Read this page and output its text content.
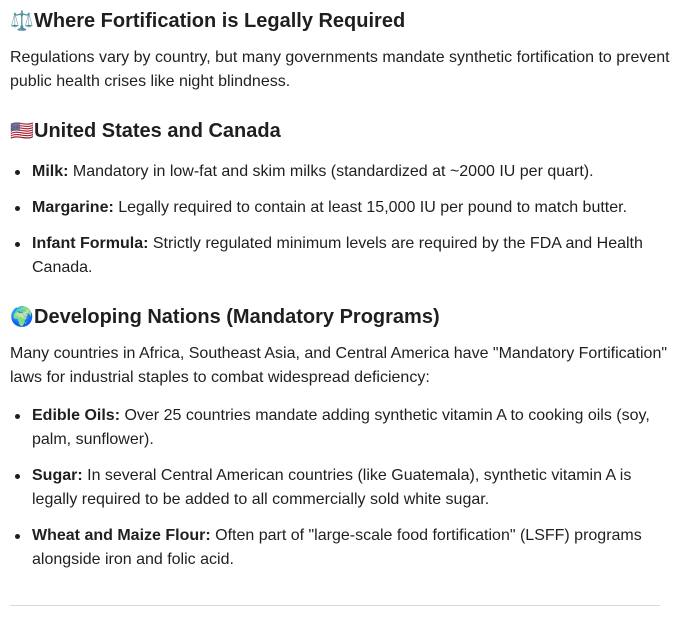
⚖️ Where Fortification is Legally Required

Regulations vary by country, but many governments mandate synthetic fortification to prevent public health crises like night blindness.

🇺🇸 United States and Canada
Milk: Mandatory in low-fat and skim milks (standardized at ~2000 IU per quart).
Margarine: Legally required to contain at least 15,000 IU per pound to match butter.
Infant Formula: Strictly regulated minimum levels are required by the FDA and Health Canada.
🌍 Developing Nations (Mandatory Programs)

Many countries in Africa, Southeast Asia, and Central America have "Mandatory Fortification" laws for industrial staples to combat widespread deficiency:

Edible Oils: Over 25 countries mandate adding synthetic vitamin A to cooking oils (soy, palm, sunflower).
Sugar: In several Central American countries (like Guatemala), synthetic vitamin A is legally required to be added to all commercially sold white sugar.
Wheat and Maize Flour: Often part of "large-scale food fortification" (LSFF) programs alongside iron and folic acid.
